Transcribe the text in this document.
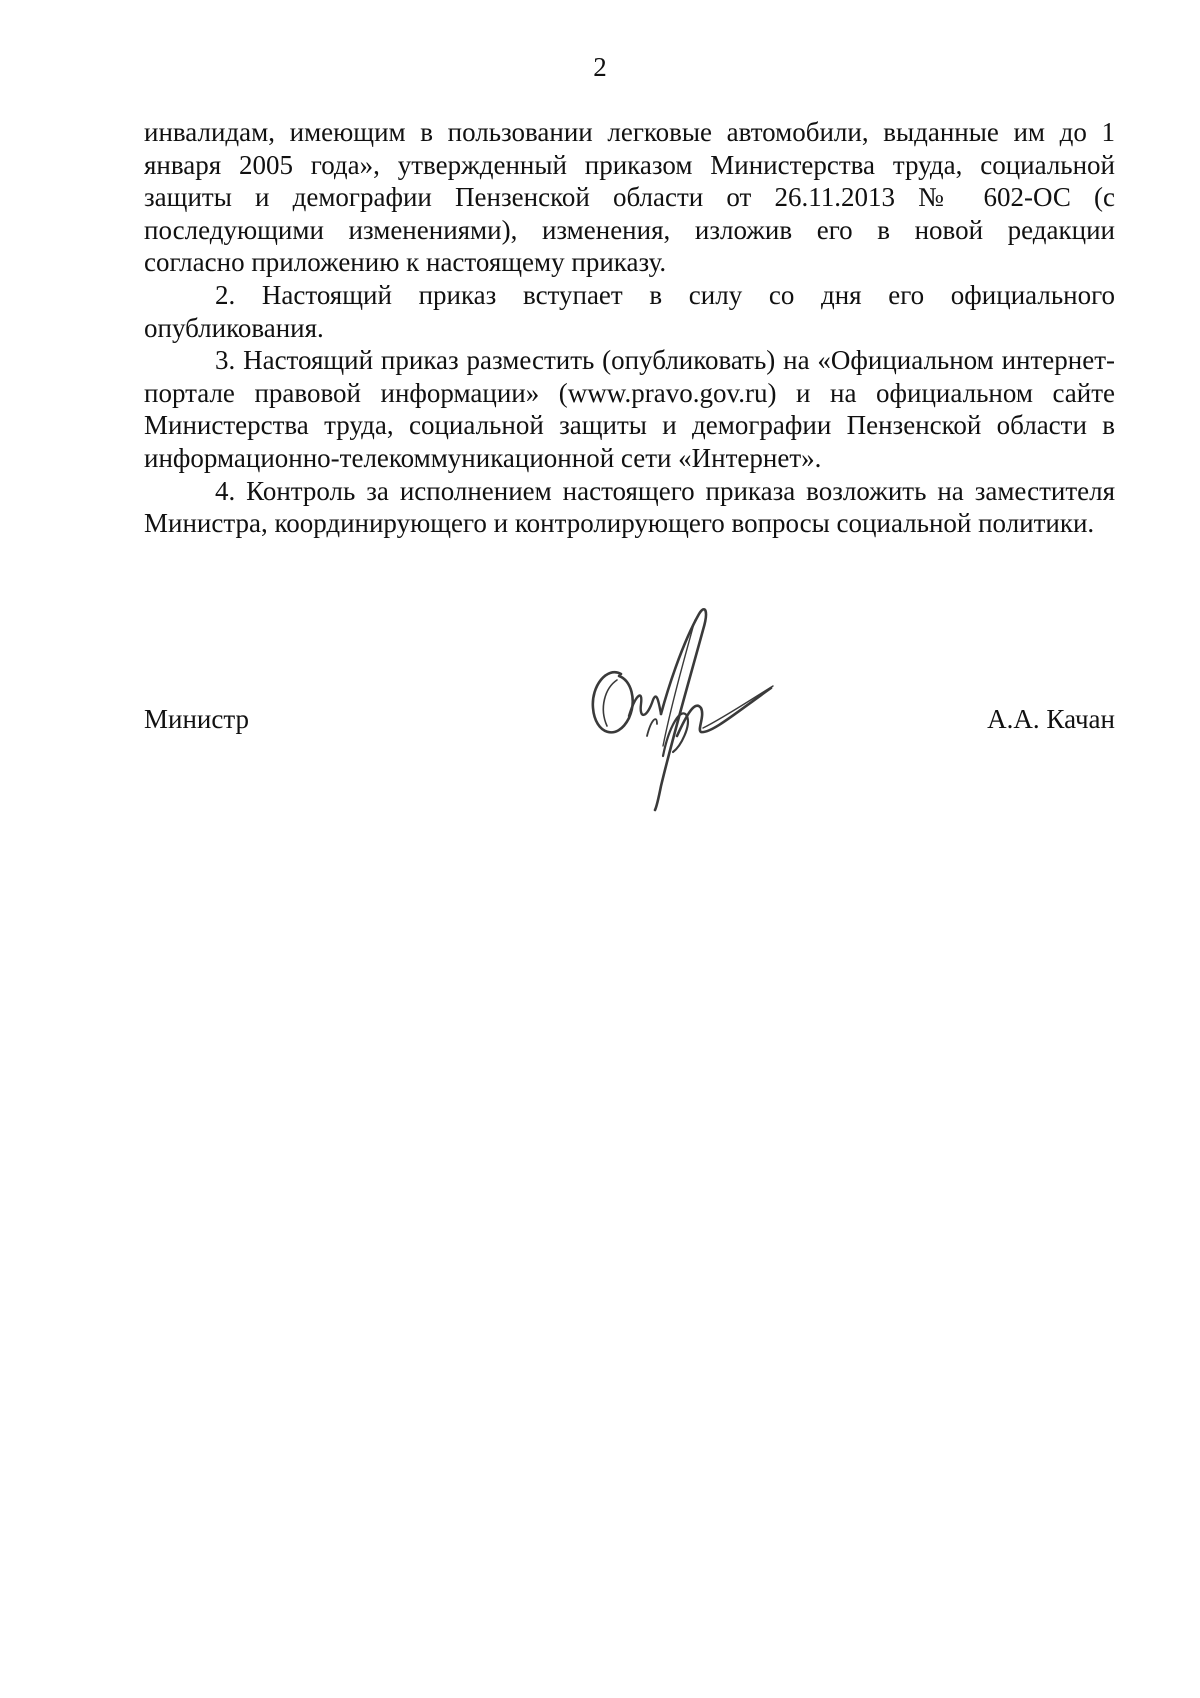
2

инвалидам, имеющим в пользовании легковые автомобили, выданные им до 1

января 2005 года», утвержденный приказом Министерства труда, социальной

защиты и демографии Пензенской области от 26.11.2013 № 602-ОС (с

последующими изменениями), изменения, изложив его в новой редакции

согласно приложению к настоящему приказу.

2. Настоящий приказ вступает в силу со дня его официального опубликования.

3. Настоящий приказ разместить (опубликовать) на «Официальном интернет-портале правовой информации» (www.pravo.gov.ru) и на официальном сайте Министерства труда, социальной защиты и демографии Пензенской области в информационно-телекоммуникационной сети «Интернет».

4. Контроль за исполнением настоящего приказа возложить на заместителя Министра, координирующего и контролирующего вопросы социальной политики.

Министр	А.А. Качан
